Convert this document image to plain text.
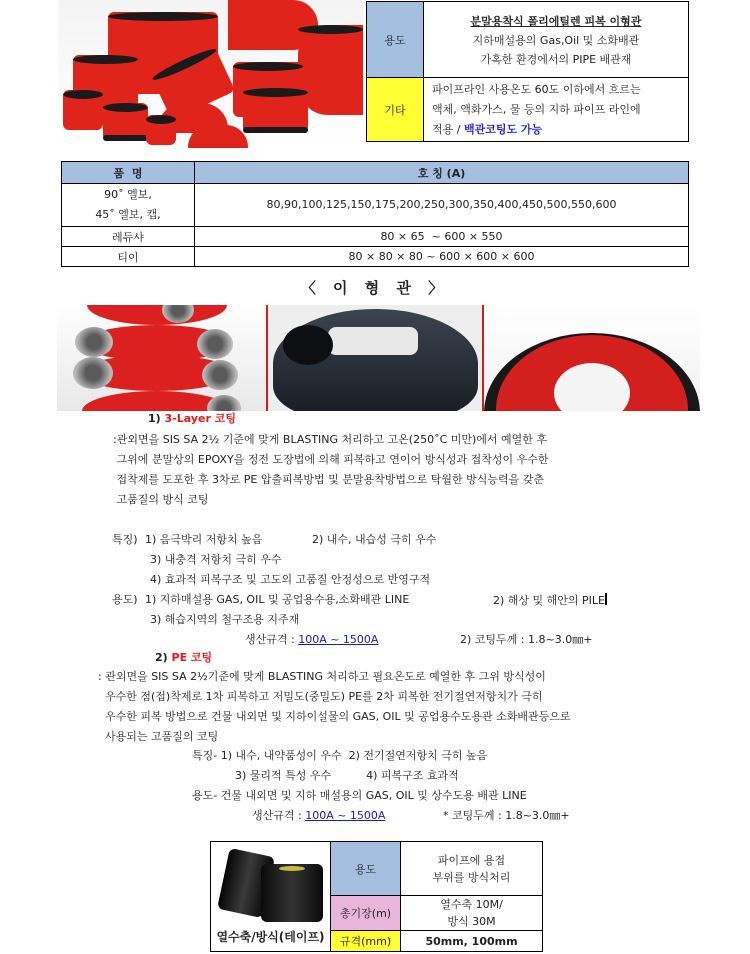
용도	분말용착식 폴리에틸렌 피복 이형관
지하매설용의 Gas,Oil 및 소화배관
가혹한 환경에서의 PIPE 배관재

기타	파이프라인 사용온도 60도 이하에서 흐르는
액체, 액화가스, 물 등의 지하 파이프 라인에
적용 / 백관코팅도 가능
품  명	호 칭 (A)

90˚ 엘보,
45˚ 엘보, 캡,	80,90,100,125,150,175,200,250,300,350,400,450,500,550,600
레듀샤	80 × 65  ~ 600 × 550
티이	80 × 80 × 80 ~ 600 × 600 × 600
〈 이 형 관 〉
1) 3-Layer 코팅
:관외면을 SIS SA 2½ 기준에 맞게 BLASTING 처리하고 고온(250˚C 미만)에서 예열한 후
그위에 분말상의 EPOXY을 정전 도장법에 의해 피복하고 연이어 방식성과 접착성이 우수한
접착제를 도포한 후 3차로 PE 압출피복방법 및 분말용착방법으로 탁월한 방식능력을 갖춘
고품질의 방식 코팅
특징) 1) 음극박리 저항치 높음	2) 내수, 내습성 극히 우수
3) 내충격 저항치 극히 우수
4) 효과적 피복구조 및 고도의 고품질 안정성으로 반영구적
용도) 1) 지하매설용 GAS, OIL 및 공업용수용,소화배관 LINE	2) 해상 및 해안의 PILE
3) 해습지역의 철구조용 지주재
생산규격 : 100A ~ 1500A	2) 코팅두께 : 1.8~3.0㎜+
2) PE 코팅
: 관외면을 SIS SA 2½기준에 맞게 BLASTING 처리하고 필요온도로 예열한 후 그위 방식성이
우수한 점(접)착제로 1차 피복하고 저밀도(중밀도) PE를 2차 피복한 전기절연저항치가 극히
우수한 피복 방법으로 건물 내외면 및 지하이설물의 GAS, OIL 및 공업용수도용관 소화배관등으로
사용되는 고품질의 코팅
특징- 1) 내수, 내약품성이 우수  2) 전기절연저항치 극히 높음
3) 물리적 특성 우수          4) 피복구조 효과적
용도- 건물 내외면 및 지하 매설용의 GAS, OIL 및 상수도용 배관 LINE
생산규격 : 100A ~ 1500A	* 코팅두께 : 1.8~3.0㎜+
열수축/방식(테이프)	용도	파이프에 용접
부위를 방식처리

	총기장(m)	열수축 10M/
방식 30M

	규격(mm)	50mm, 100mm
